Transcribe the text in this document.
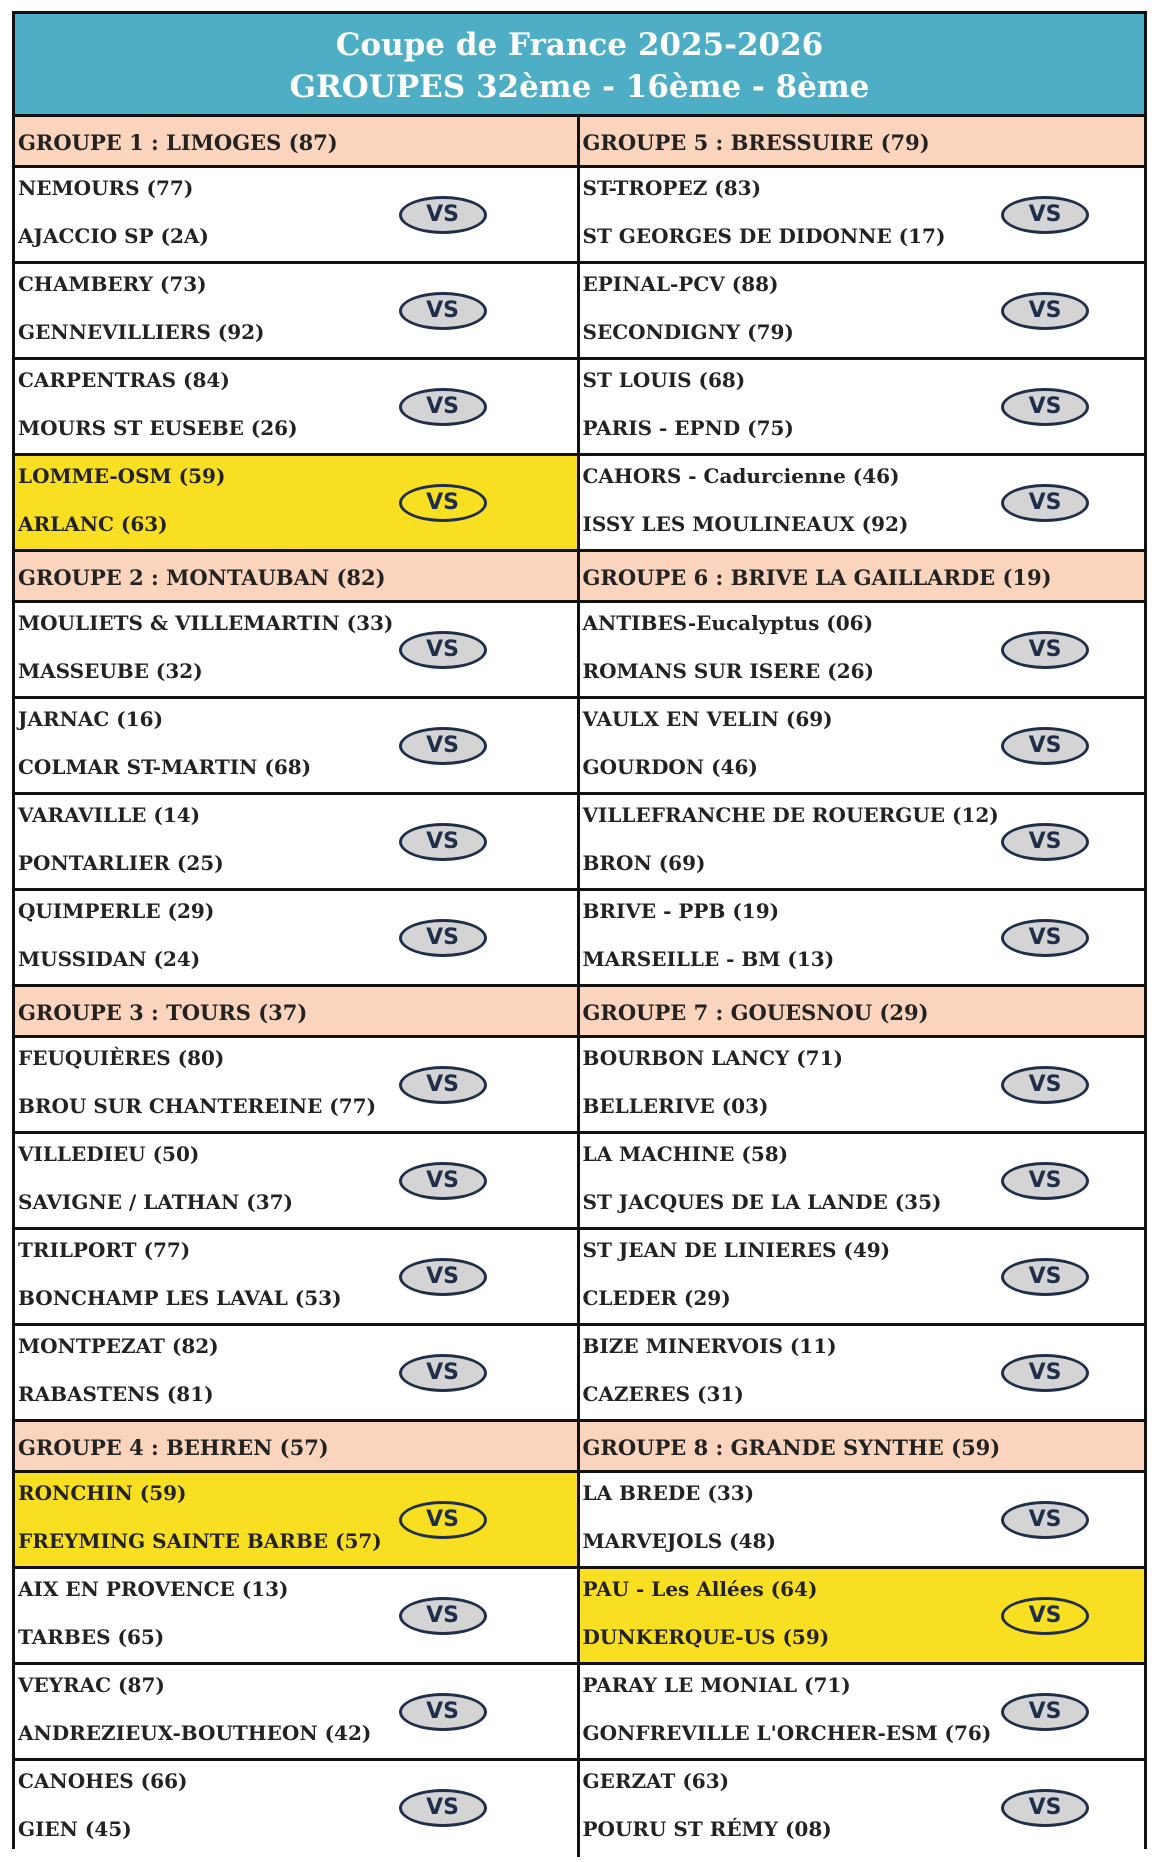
Coupe de France 2025-2026
GROUPES 32ème - 16ème - 8ème
GROUPE 1 : LIMOGES (87)
NEMOURS (77)
AJACCIO SP (2A)
VS
CHAMBERY (73)
GENNEVILLIERS (92)
VS
CARPENTRAS (84)
MOURS ST EUSEBE (26)
VS
LOMME-OSM (59)
ARLANC (63)
VS
GROUPE 2 : MONTAUBAN (82)
MOULIETS & VILLEMARTIN (33)
MASSEUBE (32)
VS
JARNAC (16)
COLMAR ST-MARTIN (68)
VS
VARAVILLE (14)
PONTARLIER (25)
VS
QUIMPERLE (29)
MUSSIDAN (24)
VS
GROUPE 3 : TOURS (37)
FEUQUIÈRES (80)
BROU SUR CHANTEREINE (77)
VS
VILLEDIEU (50)
SAVIGNE / LATHAN (37)
VS
TRILPORT (77)
BONCHAMP LES LAVAL (53)
VS
MONTPEZAT (82)
RABASTENS (81)
VS
GROUPE 4 : BEHREN (57)
RONCHIN (59)
FREYMING SAINTE BARBE (57)
VS
AIX EN PROVENCE (13)
TARBES (65)
VS
VEYRAC (87)
ANDREZIEUX-BOUTHEON (42)
VS
CANOHES (66)
GIEN (45)
VS
GROUPE 5 : BRESSUIRE (79)
ST-TROPEZ (83)
ST GEORGES DE DIDONNE (17)
VS
EPINAL-PCV (88)
SECONDIGNY (79)
VS
ST LOUIS (68)
PARIS - EPND (75)
VS
CAHORS - Cadurcienne (46)
ISSY LES MOULINEAUX (92)
VS
GROUPE 6 : BRIVE LA GAILLARDE (19)
ANTIBES-Eucalyptus (06)
ROMANS SUR ISERE (26)
VS
VAULX EN VELIN (69)
GOURDON (46)
VS
VILLEFRANCHE DE ROUERGUE (12)
BRON (69)
VS
BRIVE - PPB (19)
MARSEILLE - BM (13)
VS
GROUPE 7 : GOUESNOU (29)
BOURBON LANCY (71)
BELLERIVE (03)
VS
LA MACHINE (58)
ST JACQUES DE LA LANDE (35)
VS
ST JEAN DE LINIERES (49)
CLEDER (29)
VS
BIZE MINERVOIS (11)
CAZERES (31)
VS
GROUPE 8 : GRANDE SYNTHE (59)
LA BREDE (33)
MARVEJOLS (48)
VS
PAU - Les Allées (64)
DUNKERQUE-US (59)
VS
PARAY LE MONIAL (71)
GONFREVILLE L'ORCHER-ESM (76)
VS
GERZAT (63)
POURU ST RÉMY (08)
VS
